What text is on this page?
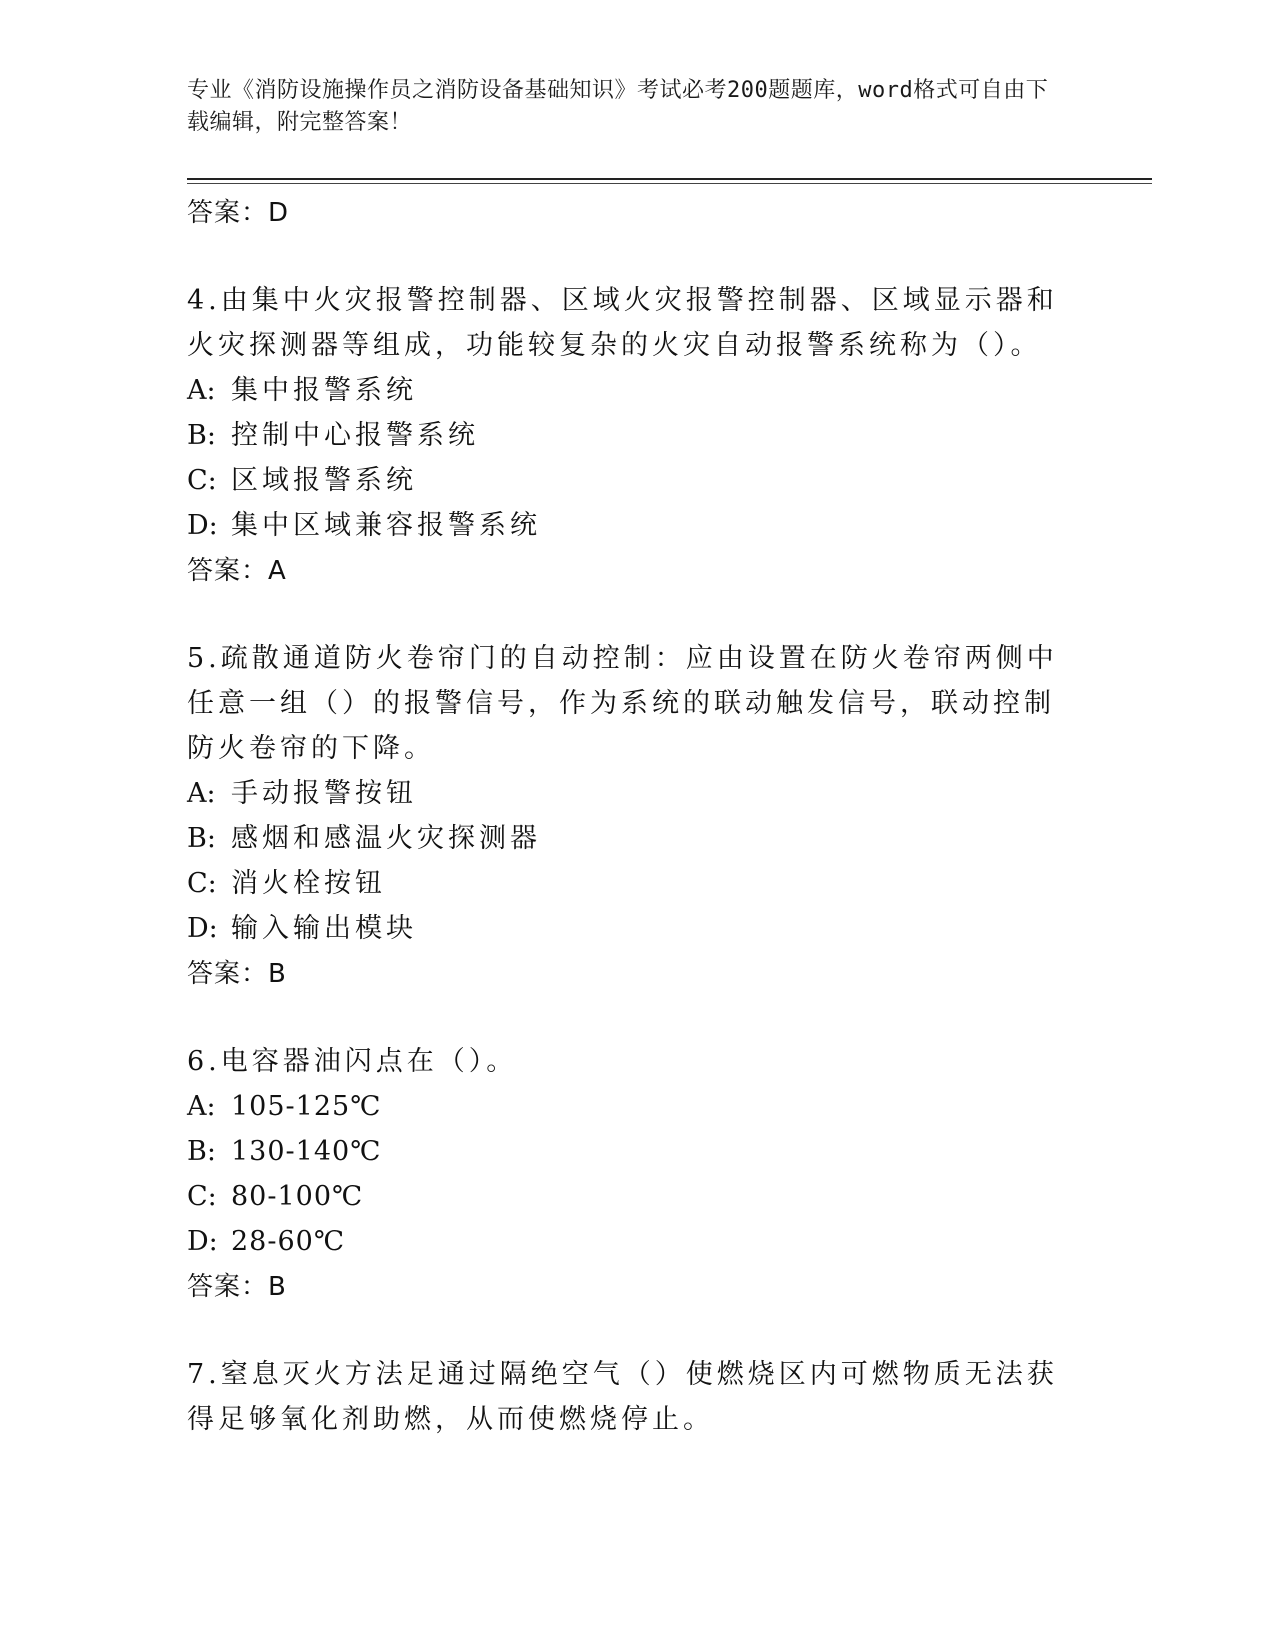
专业《消防设施操作员之消防设备基础知识》考试必考200题题库，word格式可自由下载编辑，附完整答案！
答案：D
4.由集中火灾报警控制器、区域火灾报警控制器、区域显示器和火灾探测器等组成，功能较复杂的火灾自动报警系统称为（）。
A: 集中报警系统
B: 控制中心报警系统
C: 区域报警系统
D: 集中区域兼容报警系统
答案：A
5.疏散通道防火卷帘门的自动控制：应由设置在防火卷帘两侧中任意一组（）的报警信号，作为系统的联动触发信号，联动控制防火卷帘的下降。
A: 手动报警按钮
B: 感烟和感温火灾探测器
C: 消火栓按钮
D: 输入输出模块
答案：B
6.电容器油闪点在（）。
A: 105-125℃
B: 130-140℃
C: 80-100℃
D: 28-60℃
答案：B
7.窒息灭火方法足通过隔绝空气（）使燃烧区内可燃物质无法获得足够氧化剂助燃，从而使燃烧停止。
